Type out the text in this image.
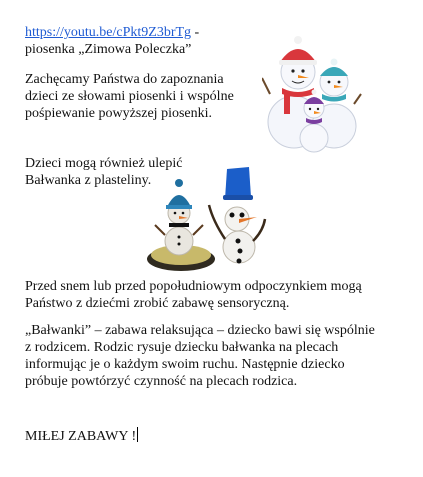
https://youtu.be/cPkt9Z3brTg -
piosenka „Zimowa Poleczka”
Zachęcamy Państwa do zapoznania
dzieci ze słowami piosenki i wspólne
pośpiewanie powyższej piosenki.
Dzieci mogą również ulepić
Bałwanka z plasteliny.
Przed snem lub przed popołudniowym odpoczynkiem mogą
Państwo z dziećmi zrobić zabawę sensoryczną.
„Bałwanki” – zabawa relaksująca – dziecko bawi się wspólnie
z rodzicem. Rodzic rysuje dziecku bałwanka na plecach
informując je o każdym swoim ruchu. Następnie dziecko
próbuje powtórzyć czynność na plecach rodzica.
MIŁEJ ZABAWY !
